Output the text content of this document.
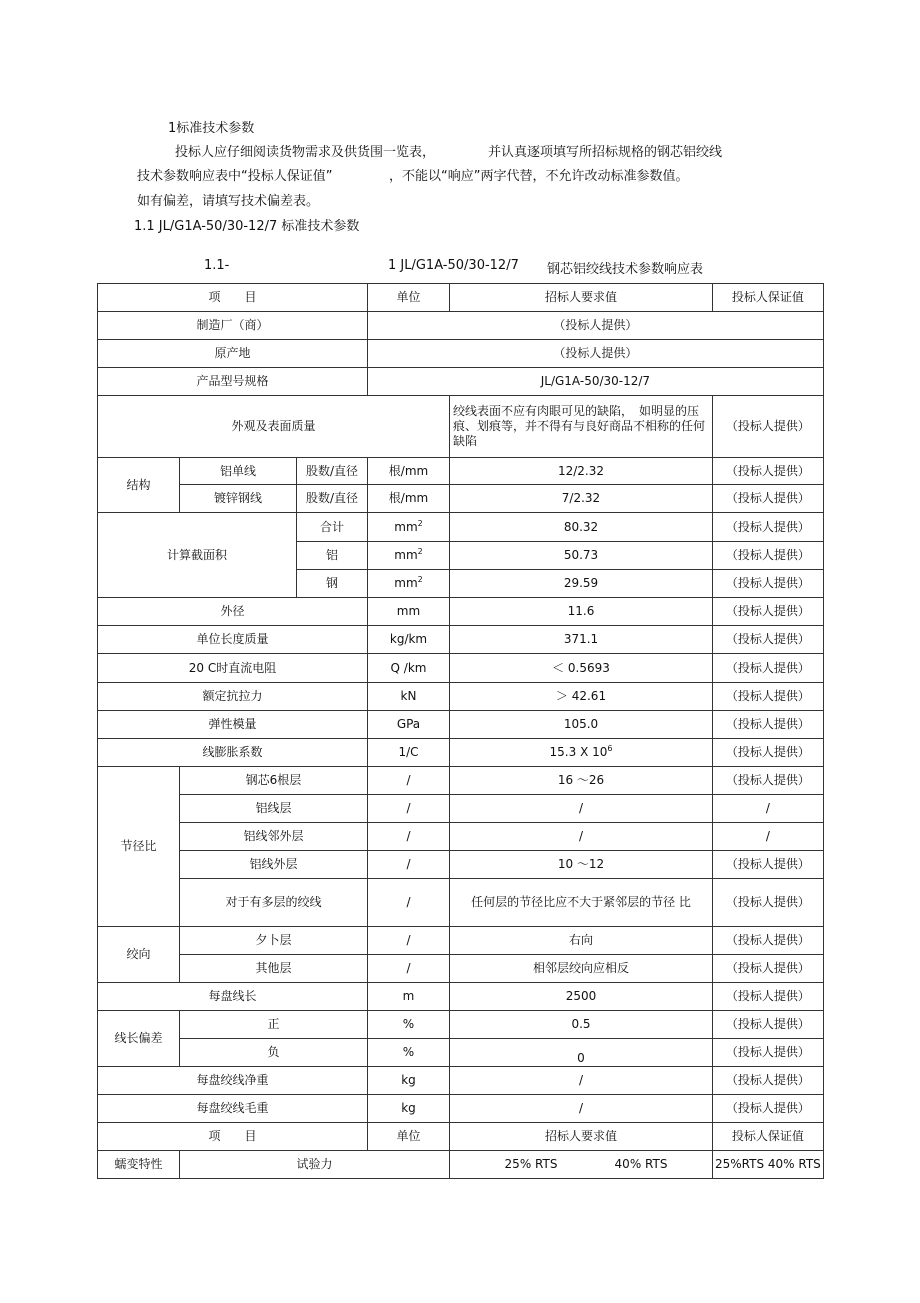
1标准技术参数
投标人应仔细阅读货物需求及供货围一览表，	并认真逐项填写所招标规格的钢芯铝绞线
技术参数响应表中“投标人保证值”	，不能以“响应”两字代替，不允许改动标准参数值。
如有偏差，请填写技术偏差表。
1.1 JL/G1A-50/30-12/7 标准技术参数
1.1-	1 JL/G1A-50/30-12/7 钢芯铝绞线技术参数响应表
项　　目			单位	招标人要求值	投标人保证值
制造厂（商）			（投标人提供）		
原产地			（投标人提供）		
产品型号规格			JL/G1A-50/30-12/7		
外观及表面质量				绞线表面不应有肉眼可见的缺陷，　如明显的压痕、划痕等，并不得有与良好商品不相称的任何缺陷	（投标人提供）
结构	铝单线	股数/直径	根/mm	12/2.32	（投标人提供）
	镀锌钢线	股数/直径	根/mm	7/2.32	（投标人提供）
计算截面积		合计	$mm^2$	80.32	（投标人提供）
		铝	$mm^2$	50.73	（投标人提供）
		钢	$mm^2$	29.59	（投标人提供）
外径			mm	11.6	（投标人提供）
单位长度质量			kg/km	371.1	（投标人提供）
20 C时直流电阻			Q /km	＜ 0.5693	（投标人提供）
额定抗拉力			kN	＞ 42.61	（投标人提供）
弹性模量			GPa	105.0	（投标人提供）
线膨胀系数			1/C	15.3 X $10^6$	（投标人提供）
节径比	钢芯6根层		/	16 ～26	（投标人提供）
	铝线层		/	/	/
	铝线邻外层		/	/	/
	铝线外层		/	10 ～12	（投标人提供）
	对于有多层的绞线		/	任何层的节径比应不大于紧邻层的节径 比	（投标人提供）
绞向	夕卜层		/	右向	（投标人提供）
	其他层		/	相邻层绞向应相反	（投标人提供）
每盘线长			m	2500	（投标人提供）
线长偏差	正		%	0.5	（投标人提供）
	负		%	0	（投标人提供）
每盘绞线净重			kg	/	（投标人提供）
每盘绞线毛重			kg	/	（投标人提供）
项　　目			单位	招标人要求值	投标人保证值
蠕变特性	试验力			25% RTS 40% RTS	25%RTS 40% RTS
